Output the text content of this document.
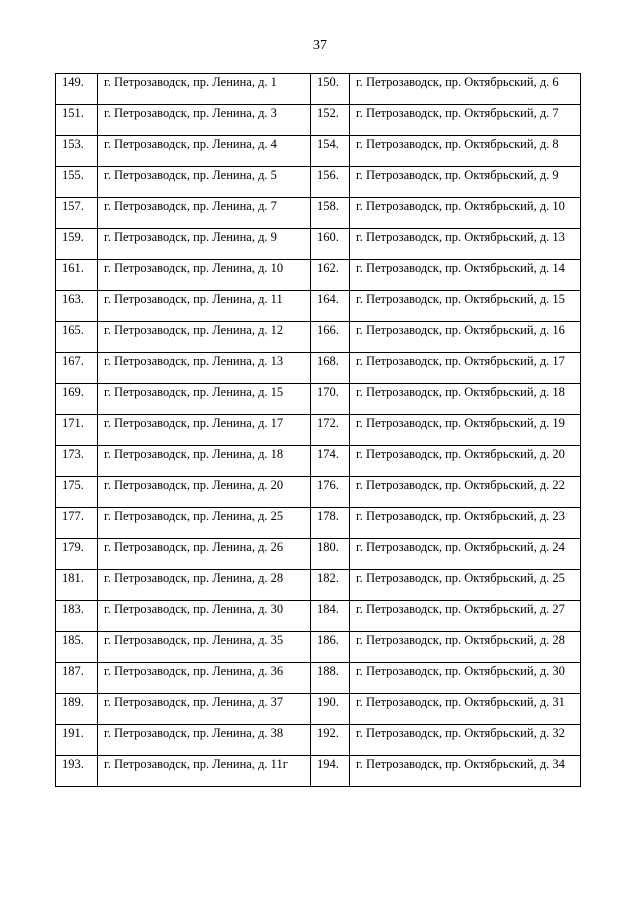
37
149.	г. Петрозаводск, пр. Ленина, д. 1	150.	г. Петрозаводск, пр. Октябрьский, д. 6
151.	г. Петрозаводск, пр. Ленина, д. 3	152.	г. Петрозаводск, пр. Октябрьский, д. 7
153.	г. Петрозаводск, пр. Ленина, д. 4	154.	г. Петрозаводск, пр. Октябрьский, д. 8
155.	г. Петрозаводск, пр. Ленина, д. 5	156.	г. Петрозаводск, пр. Октябрьский, д. 9
157.	г. Петрозаводск, пр. Ленина, д. 7	158.	г. Петрозаводск, пр. Октябрьский, д. 10
159.	г. Петрозаводск, пр. Ленина, д. 9	160.	г. Петрозаводск, пр. Октябрьский, д. 13
161.	г. Петрозаводск, пр. Ленина, д. 10	162.	г. Петрозаводск, пр. Октябрьский, д. 14
163.	г. Петрозаводск, пр. Ленина, д. 11	164.	г. Петрозаводск, пр. Октябрьский, д. 15
165.	г. Петрозаводск, пр. Ленина, д. 12	166.	г. Петрозаводск, пр. Октябрьский, д. 16
167.	г. Петрозаводск, пр. Ленина, д. 13	168.	г. Петрозаводск, пр. Октябрьский, д. 17
169.	г. Петрозаводск, пр. Ленина, д. 15	170.	г. Петрозаводск, пр. Октябрьский, д. 18
171.	г. Петрозаводск, пр. Ленина, д. 17	172.	г. Петрозаводск, пр. Октябрьский, д. 19
173.	г. Петрозаводск, пр. Ленина, д. 18	174.	г. Петрозаводск, пр. Октябрьский, д. 20
175.	г. Петрозаводск, пр. Ленина, д. 20	176.	г. Петрозаводск, пр. Октябрьский, д. 22
177.	г. Петрозаводск, пр. Ленина, д. 25	178.	г. Петрозаводск, пр. Октябрьский, д. 23
179.	г. Петрозаводск, пр. Ленина, д. 26	180.	г. Петрозаводск, пр. Октябрьский, д. 24
181.	г. Петрозаводск, пр. Ленина, д. 28	182.	г. Петрозаводск, пр. Октябрьский, д. 25
183.	г. Петрозаводск, пр. Ленина, д. 30	184.	г. Петрозаводск, пр. Октябрьский, д. 27
185.	г. Петрозаводск, пр. Ленина, д. 35	186.	г. Петрозаводск, пр. Октябрьский, д. 28
187.	г. Петрозаводск, пр. Ленина, д. 36	188.	г. Петрозаводск, пр. Октябрьский, д. 30
189.	г. Петрозаводск, пр. Ленина, д. 37	190.	г. Петрозаводск, пр. Октябрьский, д. 31
191.	г. Петрозаводск, пр. Ленина, д. 38	192.	г. Петрозаводск, пр. Октябрьский, д. 32
193.	г. Петрозаводск, пр. Ленина, д. 11г	194.	г. Петрозаводск, пр. Октябрьский, д. 34
